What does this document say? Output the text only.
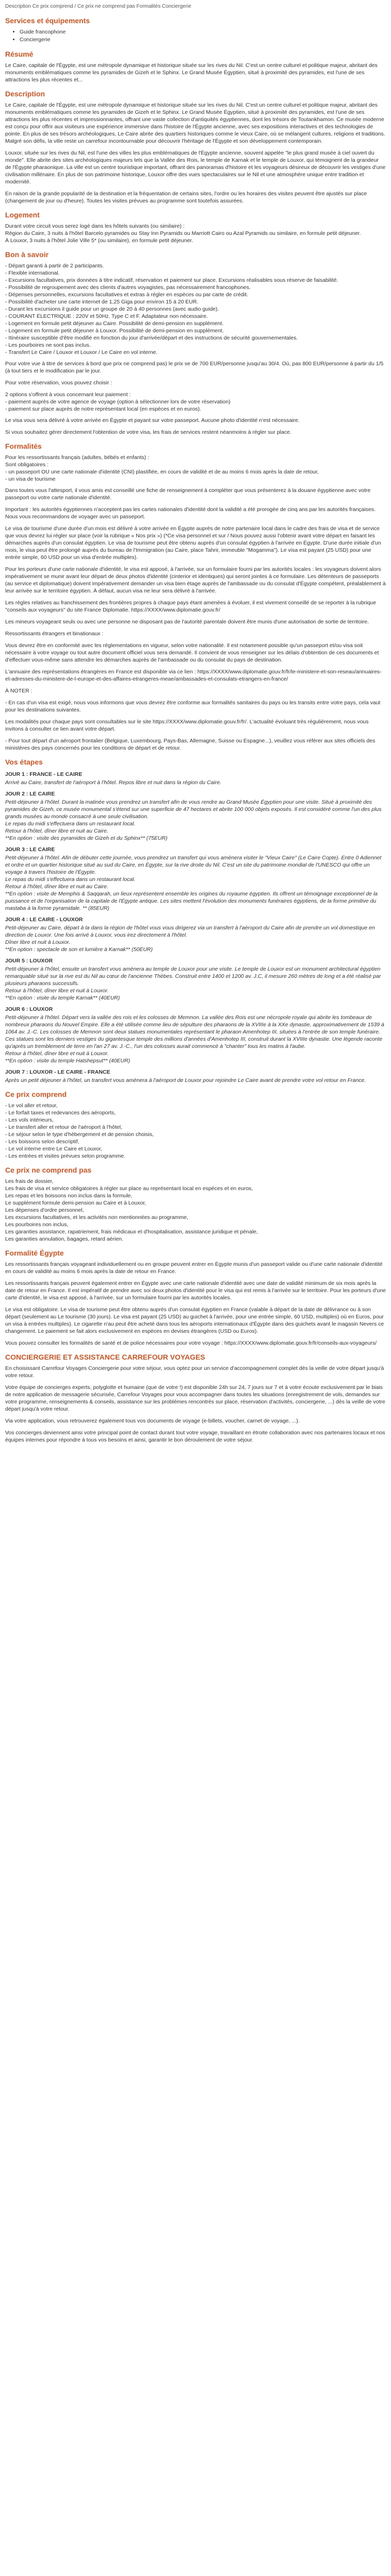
Description Ce prix comprend / Ce prix ne comprend pas Formalités Conciergerie
Services et équipements
• Guide francophone
• Conciergerie
Résumé

Le Caire, capitale de l'Égypte, est une métropole dynamique et historique située sur les rives du Nil. C'est un centre culturel et politique majeur, abritant des monuments emblématiques comme les pyramides de Gizeh et le Sphinx. Le Grand Musée Égyptien, situé à proximité des pyramides, est l'une de ses attractions les plus récentes et...

Description

Le Caire, capitale de l'Égypte, est une métropole dynamique et historique située sur les rives du Nil. C'est un centre culturel et politique majeur, abritant des monuments emblématiques comme les pyramides de Gizeh et le Sphinx. Le Grand Musée Égyptien, situé à proximité des pyramides, est l'une de ses attractions les plus récentes et impressionnantes, offrant une vaste collection d'antiquités égyptiennes, dont les trésors de Toutankhamon. Ce musée moderne est conçu pour offrir aux visiteurs une expérience immersive dans l'histoire de l'Égypte ancienne, avec ses expositions interactives et des technologies de pointe. En plus de ses trésors archéologiques, Le Caire abrite des quartiers historiques comme le vieux Caire, où se mélangent cultures, religions et traditions. Malgré son défis, la ville reste un carrefour incontournable pour découvrir l'héritage de l'Égypte et son développement contemporain.

Louxor, située sur les rives du Nil, est l'une des villes les plus emblématiques de l'Égypte ancienne, souvent appelée "le plus grand musée à ciel ouvert du monde". Elle abrite des sites archéologiques majeurs tels que la Vallée des Rois, le temple de Karnak et le temple de Louxor, qui témoignent de la grandeur de l'Égypte pharaonique. La ville est un centre touristique important, offrant des panoramas d'histoire et les voyageurs désireux de découvrir les vestiges d'une civilisation millénaire. En plus de son patrimoine historique, Louxor offre des vues spectaculaires sur le Nil et une atmosphère unique entre tradition et modernité.

En raison de la grande popularité de la destination et la fréquentation de certains sites, l'ordre ou les horaires des visites peuvent être ajustés sur place (changement de jour ou d'heure). Toutes les visites prévues au programme sont toutefois assurées.

Logement
Durant votre circuit vous serez logé dans les hôtels suivants (ou similaire) :
Région du Caire, 3 nuits à l'hôtel Barcelo pyramides ou Stay Inn Pyramids ou Marriott Cairo ou Azal Pyramids ou similaire, en formule petit déjeuner.
À Louxor, 3 nuits à l'hôtel Jolie Ville 5* (ou similaire), en formule petit déjeuner.
Bon à savoir
- Départ garanti à partir de 2 participants.
- Flexible international.
- Excursions facultatives, prix données à titre indicatif, réservation et paiement sur place. Excursions réalisables sous réserve de faisabilité.
- Possibilité de regroupement avec des clients d'autres voyagistes, pas nécessairement francophones.
- Dépenses personnelles, excursions facultatives et extras à régler en espèces ou par carte de crédit.
- Possibilité d'acheter une carte internet de 1,25 Giga pour environ 15 à 20 EUR.
- Durant les excursions il guide pour un groupe de 20 à 40 personnes (avec audio guide).
- COURANT ÉLECTRIQUE : 220V et 50Hz. Type C et F. Adaptateur non nécessaire.
- Logement en formule petit déjeuner au Caire. Possibilité de demi-pension en supplément.
- Logement en formule petit déjeuner à Louxor. Possibilité de demi-pension en supplément.
- Itinéraire susceptible d'être modifié en fonction du jour d'arrivée/départ et des instructions de sécurité gouvernementales.
- Les pourboires ne sont pas inclus.
- Transfert Le Caire / Louxor et Louxor / Le Caire en vol interne.

Pour votre vue à titre de services à bord que prix ne comprend pas) le prix se de 700 EUR/personne jusqu'au 30/4. Où, pas 800 EUR/personne à partir du 1/5 (à tout tiers et le modification par le jour.

Pour votre réservation, vous pouvez choisir :

2 options s'offrent à vous concernant leur paiement :
- paiement auprès de votre agence de voyage (option à sélectionner lors de votre réservation)
- paiement sur place auprès de notre représentant local (en espèces et en euros).

Le visa vous sera délivré à votre arrivée en Égypte et payant sur votre passeport. Aucune photo d'identité n'est nécessaire.

Si vous souhaitez gérer directement l'obtention de votre visa, les frais de services restent néanmoins à régler sur place.

Formalités
Pour les ressortissants français (adultes, bébés et enfants) :
Sont obligatoires :
- un passeport OU une carte nationale d'identité (CNI) plastifiée, en cours de validité et de au moins 6 mois après la date de retour,
- un visa de tourisme

Dans toutes vous l'attesport, il vous amis est conseillé une fiche de renseignement à compléter que vous présenterez à la douane égyptienne avec votre passeport ou votre carte nationale d'identité.

Important : les autorités égyptiennes n'acceptent pas les cartes nationales d'identité dont la validité a été prorogée de cinq ans par les autorités françaises. Nous vous recommandons de voyager avec un passeport.

Le visa de tourisme d'une durée d'un mois est délivré à votre arrivée en Égypte auprès de notre partenaire local dans le cadre des frais de visa et de service que vous devrez lui régler sur place (voir la rubrique « Nos prix ») (*Ce visa personnel et sur / Nous pouvez aussi l'obtenir avant votre départ en faisant les démarches auprès d'un consulat égyptien. Le visa de tourisme peut être obtenu auprès d'un consulat égyptien à l'arrivée en Égypte. D'une durée initiale d'un mois, le visa peut être prolongé auprès du bureau de l'Immigration (au Caire, place Tahrir, immeuble "Mogamma"). Le visa est payant (25 USD) pour une entrée simple, 60 USD pour un visa d'entrée multiples).

Pour les porteurs d'une carte nationale d'identité, le visa est apposé, à l'arrivée, sur un formulaire fourni par les autorités locales : les voyageurs doivent alors impérativement se munir avant leur départ de deux photos d'identité (cinterior et identiques) qui seront jointes à ce formulaire. Les détenteurs de passeports (au service et diplomatique) doivent impérativement demander un visa bien étage auprès de l'ambassade ou du consulat d'Égypte compétent, préalablement à leur arrivée sur le territoire égyptien. À défaut, aucun visa ne leur sera délivré à l'arrivée.

Les règles relatives au franchissement des frontières propres à chaque pays étant amenées à évoluer, il est vivement conseillé de se reporter à la rubrique "conseils aux voyageurs" du site France Diplomatie. https://XXXX/www.diplomatie.gouv.fr/

Les mineurs voyageant seuls ou avec une personne ne disposant pas de l'autorité parentale doivent être munis d'une autorisation de sortie de territoire.

Ressortissants étrangers et binationaux :

Vous devrez être en conformité avec les réglementations en vigueur, selon votre nationalité. Il est notamment possible qu'un passeport et/ou visa soit nécessaire à votre voyage ou tout autre document officiel vous sera demandé. Il convient de vous renseigner sur les délais d'obtention de ces documents et d'effectuer vous-même sans attendre les démarches auprès de l'ambassade ou du consulat du pays de destination.

L'annuaire des représentations étrangères en France est disponible via ce lien : https://XXXX/www.diplomatie.gouv.fr/fr/le-ministere-et-son-reseau/annuaires-et-adresses-du-ministere-de-l-europe-et-des-affaires-etrangeres-meae/ambassades-et-consulats-etrangers-en-france/

À NOTER :

- En cas d'un visa est exigé, nous vous informons que vous devrez être conforme aux formalités sanitaires du pays ou les transits entre votre pays, cela vaut pour les destinations suivantes.

Les modalités pour chaque pays sont consultables sur le site https://XXXX/www.diplomatie.gouv.fr/fr/. L'actualité évoluant très régulièrement, nous vous invitons à consulter ce lien avant votre départ.

- Pour tout départ d'un aéroport frontalier (Belgique, Luxembourg, Pays-Bas, Allemagne, Suisse ou Espagne...), veuillez vous référer aux sites officiels des ministères des pays concernés pour les conditions de départ et de retour.

Vos étapes
JOUR 1 : FRANCE - LE CAIRE
Arrivé au Caire, transfert de l'aéroport à l'hôtel. Repos libre et nuit dans la région du Caire.
JOUR 2 : LE CAIRE
Petit-déjeuner à l'hôtel. Durant la matinée vous prendrez un transfert afin de vous rendre au Grand Musée Égyptien pour une visite. Situé à proximité des pyramides de Gizeh, ce musée monumental s'étend sur une superficie de 47 hectares et abrite 100 000 objets exposés. Il est considéré comme l'un des plus grands musées au monde consacré à une seule civilisation.
Le repas du midi s'effectuera dans un restaurant local.
Retour à l'hôtel, dîner libre et nuit au Caire.
**En option : visite des pyramides de Gizeh et du Sphinx** (75EUR)
JOUR 3 : LE CAIRE
Petit-déjeuner à l'hôtel. Afin de débuter cette journée, vous prendrez un transfert qui vous amènera visiter le "Vieux Caire" (Le Caire Copte). Entre 0 Adiennet et ordre et un quartier historique situé au sud du Caire, en Égypte, sur la rive droite du Nil. C'est un site du patrimoine mondial de l'UNESCO qui offre un voyage à travers l'histoire de l'Égypte.
Le repas du midi s'effectuera dans un restaurant local.
Retour à l'hôtel, dîner libre et nuit au Caire.
**En option : visite de Memphis & Saqqarah, un lieux représentent ensemble les origines du royaume égyptien. Ils offrent un témoignage exceptionnel de la puissance et de l'organisation de la capitale de l'Égypte antique. Les sites mettent l'évolution des monuments funéraires égyptiens, de la forme primitive du mastaba à la forme pyramidale. ** (85EUR)
JOUR 4 : LE CAIRE - LOUXOR
Petit-déjeuner au Caire, départ à la dans la région de l'hôtel vous vous dirigerez via un transfert à l'aéroport du Caire afin de prendre un vol domestique en direction de Louxor. Une fois arrivé à Louxor, vous irez directement à l'hôtel.
Dîner libre et nuit à Louxor.
**En option : spectacle de son et lumière à Karnak** (50EUR)
JOUR 5 : LOUXOR
Petit-déjeuner à l'hôtel, ensuite un transfert vous amènera au temple de Louxor pour une visite. Le temple de Louxor est un monument architectural égyptien remarquable situé sur la rive est du Nil au cœur de l'ancienne Thèbes. Construit entre 1400 et 1200 av. J.C, il mesure 260 mètres de long et a été réalisé par plusieurs pharaons successifs.
Retour à l'hôtel, dîner libre et nuit à Louxor.
**En option : visite du temple Karnak** (40EUR)
JOUR 6 : LOUXOR
Petit-déjeuner à l'hôtel. Départ vers la vallée des rois et les colosses de Memnon. La vallée des Rois est une nécropole royale qui abrite les tombeaux de nombreux pharaons du Nouvel Empire. Elle a été utilisée comme lieu de sépulture des pharaons de la XVIIIe à la XXe dynastie, approximativement de 1539 à 1064 av. J.-C. Les colosses de Memnon sont deux statues monumentales représentant le pharaon Amenhotep III, situées à l'entrée de son temple funéraire. Ces statues sont les derniers vestiges du gigantesque temple des millions d'années d'Amenhotep III, construit durant la XVIIIe dynastie. Une légende raconte qu'après un tremblement de terre en l'an 27 av. J.-C., l'un des colosses aurait commencé à "chanter" tous les matins à l'aube.
Retour à l'hôtel, dîner libre et nuit à Louxor.
**En option : visite du temple Hatshepsut** (40EUR)
JOUR 7 : LOUXOR - LE CAIRE - FRANCE
Après un petit déjeuner à l'hôtel, un transfert vous amènera à l'aéroport de Louxor pour rejoindre Le Caire avant de prendre votre vol retour en France.
Ce prix comprend
- Le vol aller et retour,
- Le forfait taxes et redevances des aéroports,
- Les vols intérieurs,
- Le transfert aller et retour de l'aéroport à l'hôtel,
- Le séjour selon le type d'hébergement et de pension choisis,
- Les boissons selon descriptif,
- Le vol interne entre Le Caire et Louxor,
- Les entrées et visites prévues selon programme.
Ce prix ne comprend pas
Les frais de dossier,
Les frais de visa et service obligatoires à régler sur place au représentant local en espèces et en euros,
Les repas et les boissons non inclus dans la formule,
Le supplément formule demi-pension au Caire et à Louxor,
Les dépenses d'ordre personnel,
Les excursions facultatives, et les activités non mentionnées au programme,
Les pourboires non inclus,
Les garanties assistance, rapatriement, frais médicaux et d'hospitalisation, assistance juridique et pénale,
Les garanties annulation, bagages, retard aérien.
Formalité Égypte

Les ressortissants français voyageant individuellement ou en groupe peuvent entrer en Égypte munis d'un passeport valide ou d'une carte nationale d'identité en cours de validité au moins 6 mois après la date de retour en France.

Les ressortissants français peuvent également entrer en Égypte avec une carte nationale d'identité avec une date de validité minimum de six mois après la date de retour en France. Il est impératif de prendre avec soi deux photos d'identité pour le visa qui est remis à l'arrivée sur le territoire. Pour les porteurs d'une carte d'identité, le visa est apposé, à l'arrivée, sur un formulaire fourni par les autorités locales.

Le visa est obligatoire. Le visa de tourisme peut être obtenu auprès d'un consulat égyptien en France (valable à départ de la date de délivrance ou à son départ (seulement au Le tourisme (30 jours). Le visa est payant (25 USD) au guichet à l'arrivée, pour une entrée simple, 60 USD, multiples) où en Euros, pour un visa à entrées multiples). Le cigarette n'au peut être acheté dans tous les aéroports internationaux d'Égypte dans des guichets avant le magasin Nevers ce changement. Le paiement se fait alors exclusivement en espèces en devises étrangères (USD ou Euros).

Vous pouvez consulter les formalités de santé et de police nécessaires pour votre voyage : https://XXXX/www.diplomatie.gouv.fr/fr/conseils-aux-voyageurs/

CONCIERGERIE ET ASSISTANCE CARREFOUR VOYAGES

En choisissant Carrefour Voyages Conciergerie pour votre séjour, vous optez pour un service d'accompagnement complet dès la veille de votre départ jusqu'à votre retour.

Votre équipe de concierges experts, polyglotte et humaine (que de votre !) est disponible 24h sur 24, 7 jours sur 7 et à votre écoute exclusivement par le biais de notre application de messagerie sécurisée, Carrefour Voyages pour vous accompagner dans toutes les situations (enregistrement de vols, demandes sur votre programme, renseignements & conseils, assistance sur les problèmes rencontrés sur place, réservation d'activités, conciergerie, ...) dès la veille de votre départ jusqu'à votre retour.

Via votre application, vous retrouverez également tous vos documents de voyage (e-billets, voucher, carnet de voyage, ...).

Vos concierges deviennent ainsi votre principal point de contact durant tout votre voyage, travaillant en étroite collaboration avec nos partenaires locaux et nos équipes internes pour répondre à tous vos besoins et ainsi, garantir le bon déroulement de votre séjour.
